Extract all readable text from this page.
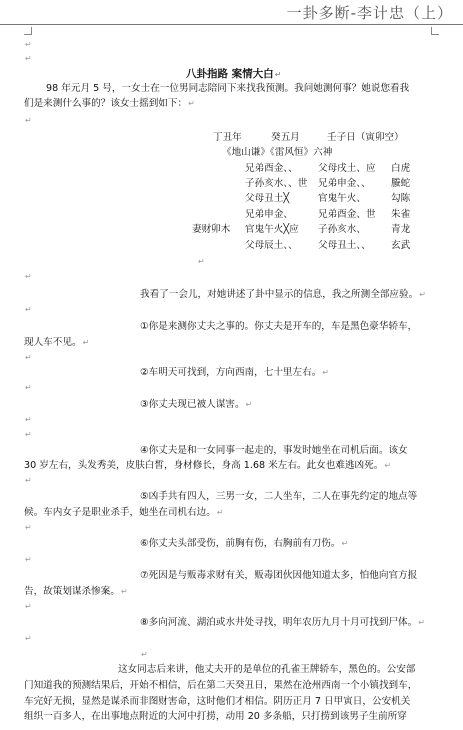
一卦多断-李计忠（上）
↵
↵
八卦指路 案情大白↵
98 年元月 5 号，一女士在一位男同志陪同下来找我预测。我问她测何事？她说您看我
们是来测什么事的？该女士摇到如下：↵
↵
丁丑年	癸五月	壬子日（寅卯空）
《地山谦》《雷风恒》六神
兄弟酉金、、 父母戌土、应 白虎
子孙亥水、、世 兄弟申金、、 螣蛇
父母丑土╳	官鬼午火、	勾陈
兄弟申金、	兄弟酉金、世 朱雀
妻财卯木 官鬼午火╳应 子孙亥水、	青龙
父母辰土、、 父母丑土、、 玄武
↵
↵
我看了一会儿，对她讲述了卦中显示的信息，我之所测全部应验。↵
↵
①你是来测你丈夫之事的。你丈夫是开车的，车是黑色豪华轿车，
现人车不见。↵
↵
②车明天可找到，方向西南，七十里左右。↵
↵
③你丈夫现已被人谋害。↵
↵
↵
④你丈夫是和一女同事一起走的，事发时她坐在司机后面。该女
30 岁左右，头发秀美，皮肤白皙，身材修长，身高 1.68 米左右。此女也难逃凶死。↵
↵
⑤凶手共有四人，三男一女，二人坐车，二人在事先约定的地点等
候。车内女子是职业杀手，她坐在司机右边。↵
↵
⑥你丈夫头部受伤，前胸有伤，右胸前有刀伤。↵
↵
⑦死因是与贩毒求财有关，贩毒团伙因他知道太多，怕他向官方报
告，故策划谋杀惨案。↵
↵
⑧多向河流、湖泊或水井处寻找，明年农历九月十月可找到尸体。↵
↵
↵
这女同志后来讲，他丈夫开的是单位的孔雀王牌轿车，黑色的。公安部
门知道我的预测结果后，开始不相信，后在第二天癸丑日，果然在沧州西南一个小镇找到车，
车完好无损，显然是谋杀而非图财害命，这时他们才相信。阴历正月 7 日甲寅日，公安机关
组织一百多人，在出事地点附近的大河中打捞，动用 20 多条船，只打捞到该男子生前所穿
